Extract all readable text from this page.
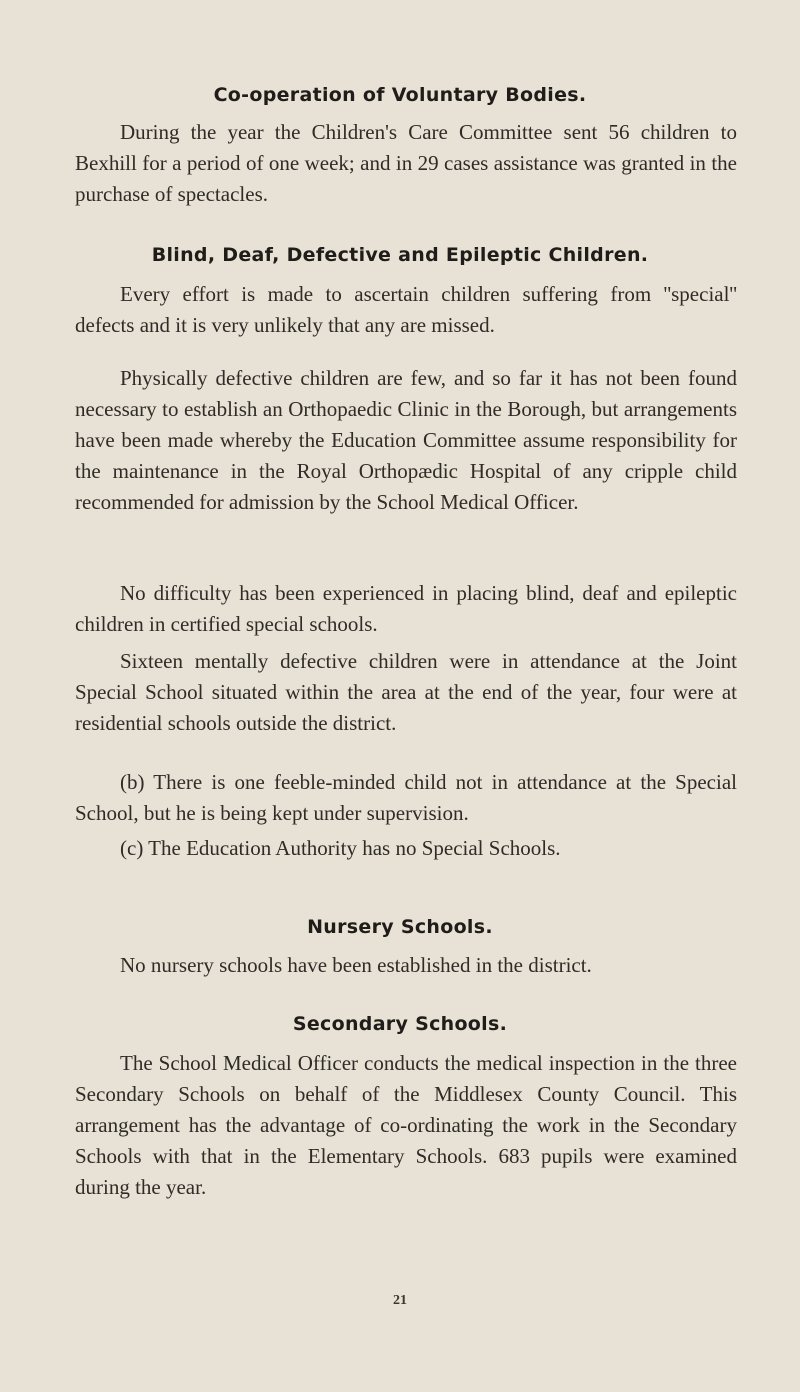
Co-operation of Voluntary Bodies.

During the year the Children's Care Committee sent 56 children to Bexhill for a period of one week; and in 29 cases assistance was granted in the purchase of spectacles.

Blind, Deaf, Defective and Epileptic Children.

Every effort is made to ascertain children suffering from ''special'' defects and it is very unlikely that any are missed.

Physically defective children are few, and so far it has not been found necessary to establish an Orthopaedic Clinic in the Borough, but arrangements have been made whereby the Education Committee assume responsibility for the maintenance in the Royal Orthopædic Hospital of any cripple child recommended for admission by the School Medical Officer.

No difficulty has been experienced in placing blind, deaf and epileptic children in certified special schools.

Sixteen mentally defective children were in attendance at the Joint Special School situated within the area at the end of the year, four were at residential schools outside the district.

(b) There is one feeble-minded child not in attendance at the Special School, but he is being kept under supervision.

(c) The Education Authority has no Special Schools.

Nursery Schools.

No nursery schools have been established in the district.

Secondary Schools.

The School Medical Officer conducts the medical inspection in the three Secondary Schools on behalf of the Middlesex County Council. This arrangement has the advantage of co-ordinating the work in the Secondary Schools with that in the Elementary Schools. 683 pupils were examined during the year.

21
